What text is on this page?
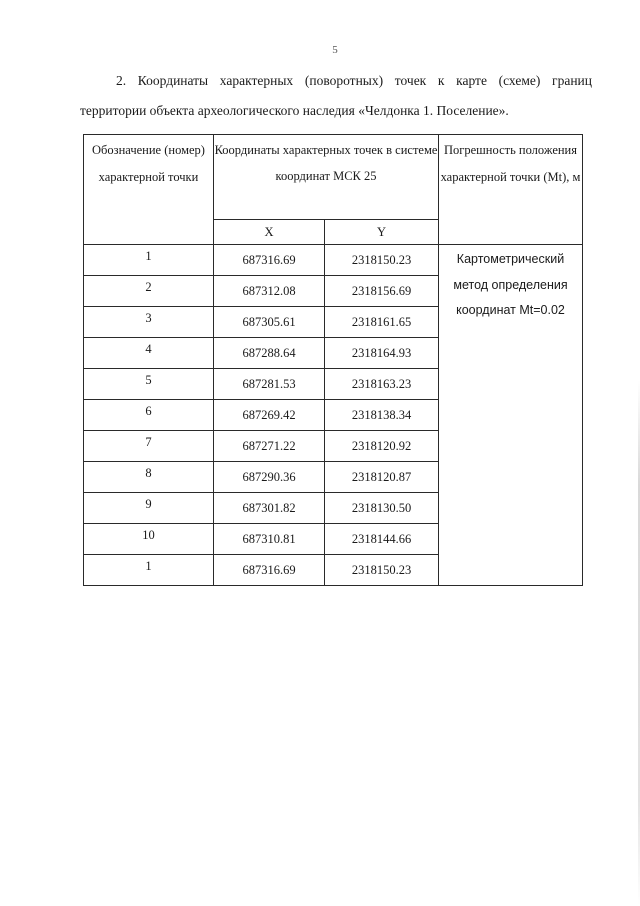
5
2. Координаты характерных (поворотных) точек к карте (схеме) границ территории объекта археологического наследия «Челдонка 1. Поселение».
Обозначение (номер) характерной точки	Координаты характерных точек в системе координат МСК 25		Погрешность положения характерной точки (Mt), м
	X	Y	
1	687316.69	2318150.23	Картометрический метод определения координат Mt=0.02
2	687312.08	2318156.69	
3	687305.61	2318161.65	
4	687288.64	2318164.93	
5	687281.53	2318163.23	
6	687269.42	2318138.34	
7	687271.22	2318120.92	
8	687290.36	2318120.87	
9	687301.82	2318130.50	
10	687310.81	2318144.66	
1	687316.69	2318150.23	
